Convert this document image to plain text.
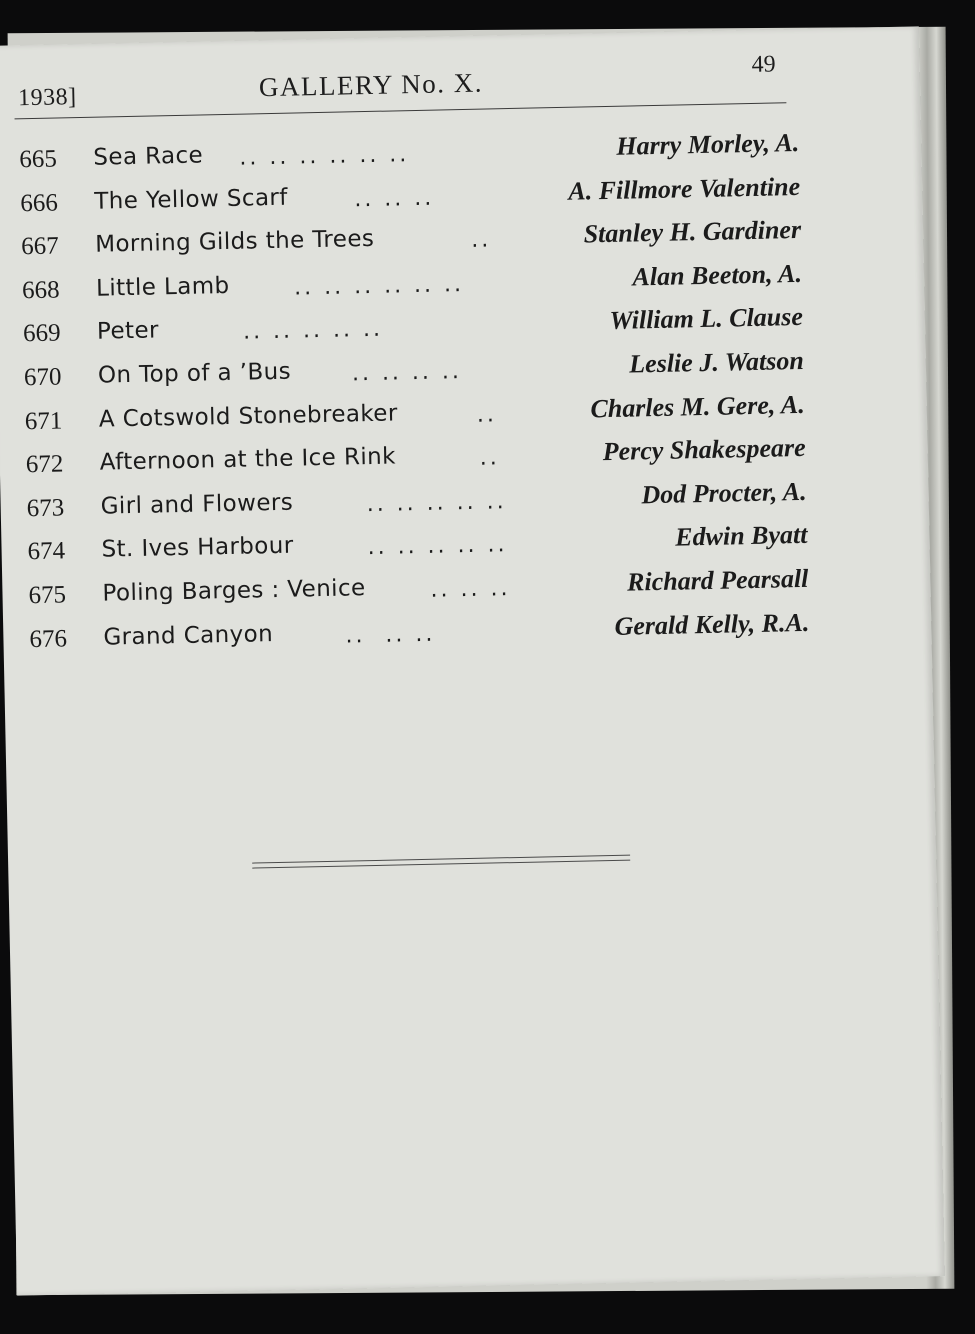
1938]	GALLERY No. X.
49
665 Sea Race .. .. .. .. .. ..	Harry Morley, A.
666 The Yellow Scarf	.. .. ..	A. Fillmore Valentine
667 Morning Gilds the Trees	..	Stanley H. Gardiner
668 Little Lamb	.. .. .. .. .. ..	Alan Beeton, A.
669 Peter	.. .. .. .. ..	William L. Clause
670 On Top of a ’Bus	.. .. .. ..	Leslie J. Watson
671 A Cotswold Stonebreaker	..	Charles M. Gere, A.
672 Afternoon at the Ice Rink	..	Percy Shakespeare
673 Girl and Flowers	.. .. .. .. ..	Dod Procter, A.
674 St. Ives Harbour	.. .. .. .. ..	Edwin Byatt
675 Poling Barges : Venice	.. .. ..	Richard Pearsall
676 Grand Canyon	..  .. ..	Gerald Kelly, R.A.
